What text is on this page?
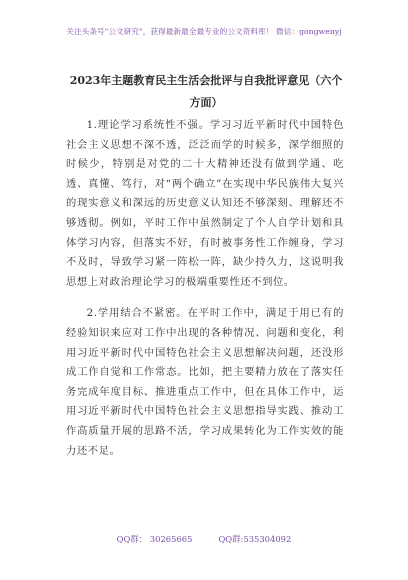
关注头条号"公文研究"，获得最新最全最专业的公文资料库！ 微信：gongwenyj
2023年主题教育民主生活会批评与自我批评意见（六个方面）

1.理论学习系统性不强。学习习近平新时代中国特色社会主义思想不深不透，泛泛而学的时候多，深学细照的时候少，特别是对党的二十大精神还没有做到学通、吃透、真懂、笃行，对“两个确立”在实现中华民族伟大复兴的现实意义和深远的历史意义认知还不够深刻、理解还不够透彻。例如，平时工作中虽然制定了个人自学计划和具体学习内容，但落实不好，有时被事务性工作缠身，学习不及时，导致学习紧一阵松一阵，缺少持久力，这说明我思想上对政治理论学习的极端重要性还不到位。

2.学用结合不紧密。在平时工作中，满足于用已有的经验知识来应对工作中出现的各种情况、问题和变化，利用习近平新时代中国特色社会主义思想解决问题，还没形成工作自觉和工作常态。比如，把主要精力放在了落实任务完成年度目标、推进重点工作中，但在具体工作中，运用习近平新时代中国特色社会主义思想指导实践、推动工作高质量开展的思路不活，学习成果转化为工作实效的能力还不足。

QQ群： 30265665	QQ群:535304092
